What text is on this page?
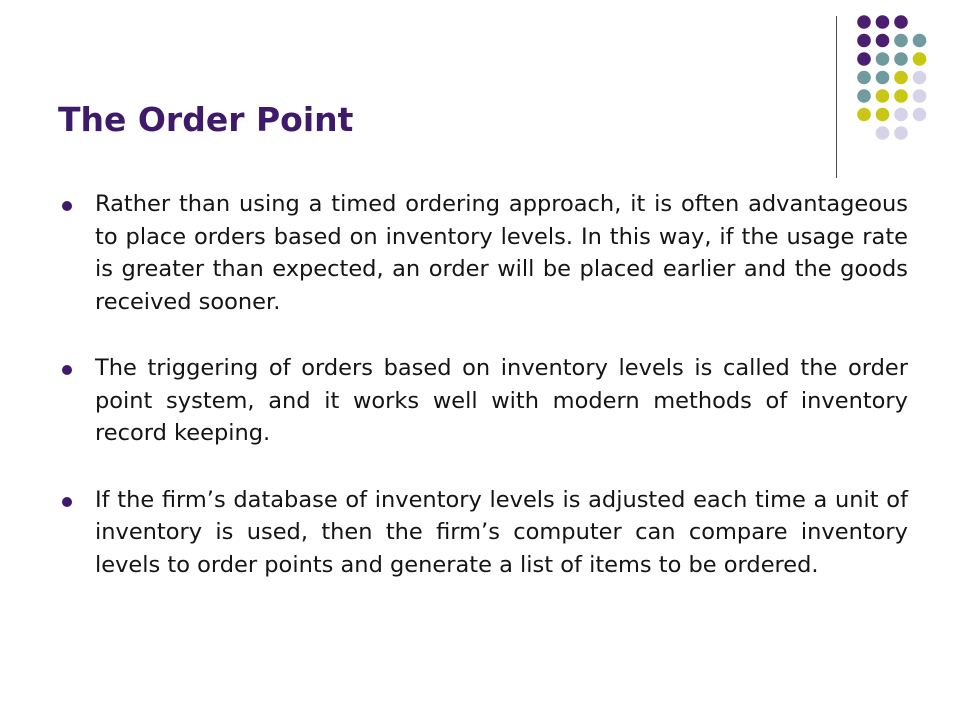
The Order Point
Rather than using a timed ordering approach, it is often advantageous to place orders based on inventory levels. In this way, if the usage rate is greater than expected, an order will be placed earlier and the goods received sooner.
The triggering of orders based on inventory levels is called the order point system, and it works well with modern methods of inventory record keeping.
If the firm’s database of inventory levels is adjusted each time a unit of inventory is used, then the firm’s computer can compare inventory levels to order points and generate a list of items to be ordered.
